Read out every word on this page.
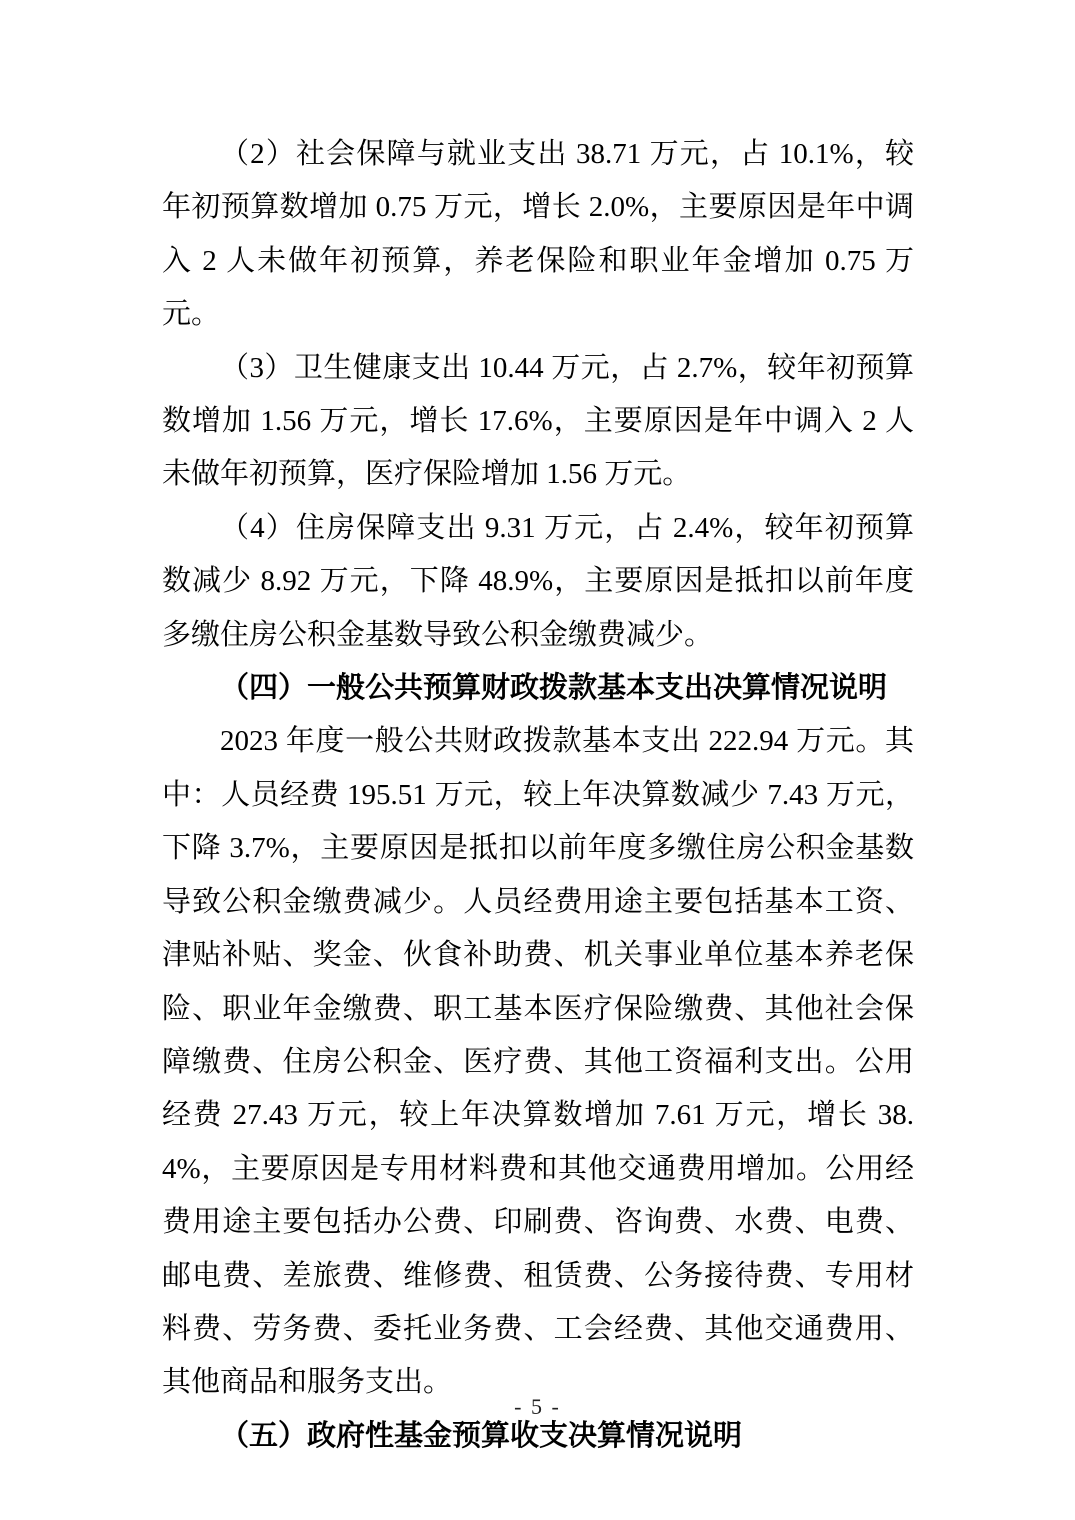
（2）社会保障与就业支出 38.71 万元，占 10.1%，较年初预算数增加 0.75 万元，增长 2.0%，主要原因是年中调入 2 人未做年初预算，养老保险和职业年金增加 0.75 万元。

（3）卫生健康支出 10.44 万元，占 2.7%，较年初预算数增加 1.56 万元，增长 17.6%，主要原因是年中调入 2 人未做年初预算，医疗保险增加 1.56 万元。

（4）住房保障支出 9.31 万元，占 2.4%，较年初预算数减少 8.92 万元，下降 48.9%，主要原因是抵扣以前年度多缴住房公积金基数导致公积金缴费减少。

（四）一般公共预算财政拨款基本支出决算情况说明

2023 年度一般公共财政拨款基本支出 222.94 万元。其中：人员经费 195.51 万元，较上年决算数减少 7.43 万元，下降 3.7%，主要原因是抵扣以前年度多缴住房公积金基数导致公积金缴费减少。人员经费用途主要包括基本工资、津贴补贴、奖金、伙食补助费、机关事业单位基本养老保险、职业年金缴费、职工基本医疗保险缴费、其他社会保障缴费、住房公积金、医疗费、其他工资福利支出。公用经费 27.43 万元，较上年决算数增加 7.61 万元，增长 38.4%，主要原因是专用材料费和其他交通费用增加。公用经费用途主要包括办公费、印刷费、咨询费、水费、电费、邮电费、差旅费、维修费、租赁费、公务接待费、专用材料费、劳务费、委托业务费、工会经费、其他交通费用、其他商品和服务支出。

（五）政府性基金预算收支决算情况说明

- 5 -
